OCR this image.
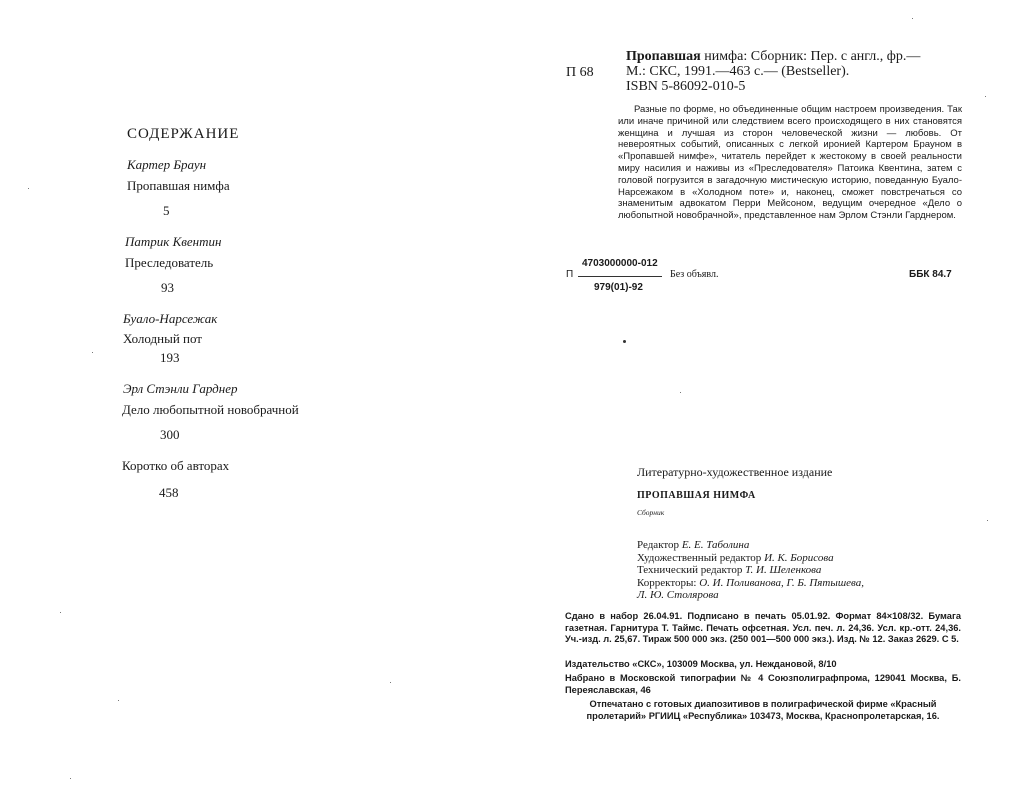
СОДЕРЖАНИЕ
Картер Браун
Пропавшая нимфа
5
Патрик Квентин
Преследователь
93
Буало-Нарсежак
Холодный пот
193
Эрл Стэнли Гарднер
Дело любопытной новобрачной
300
Коротко об авторах
458
Пропавшая нимфа: Сборник: Пер. с англ., фр.—
М.: СКС, 1991.—463 с.— (Bestseller).
ISBN 5-86092-010-5
П 68
Разные по форме, но объединенные общим настроем произведения. Так или иначе причиной или следствием всего происходящего в них становятся женщина и лучшая из сторон человеческой жизни — любовь. От невероятных событий, описанных с легкой иронией Картером Брауном в «Пропавшей нимфе», читатель перейдет к жестокому в своей реальности миру насилия и наживы из «Преследователя» Патоика Квентина, затем с головой погрузится в загадочную мистическую историю, поведанную Буало-Нарсежаком в «Холодном поте» и, наконец, сможет повстречаться со знаменитым адвокатом Перри Мейсоном, ведущим очередное «Дело о любопытной новобрачной», представленное нам Эрлом Стэнли Гарднером.
4703000000-012
П
979(01)-92
Без объявл.	ББК 84.7
Литературно-художественное издание
ПРОПАВШАЯ НИМФА
Сборник
Редактор Е. Е. Таболина
Художественный редактор И. К. Борисова
Технический редактор Т. И. Шеленкова
Корректоры: О. И. Поливанова, Г. Б. Пятышева,
Л. Ю. Столярова
Сдано в набор 26.04.91. Подписано в печать 05.01.92. Формат 84×108/32. Бумага газетная. Гарнитура Т. Таймс. Печать офсетная. Усл. печ. л. 24,36. Усл. кр.-отт. 24,36. Уч.-изд. л. 25,67. Тираж 500 000 экз. (250 001—500 000 экз.). Изд. № 12. Заказ 2629. С 5.
Издательство «СКС», 103009 Москва, ул. Неждановой, 8/10
Набрано в Московской типографии № 4 Союзполиграфпрома, 129041 Москва, Б. Переяславская, 46
Отпечатано с готовых диапозитивов в полиграфической фирме «Красный пролетарий» РГИИЦ «Республика» 103473, Москва, Краснопролетарская, 16.
